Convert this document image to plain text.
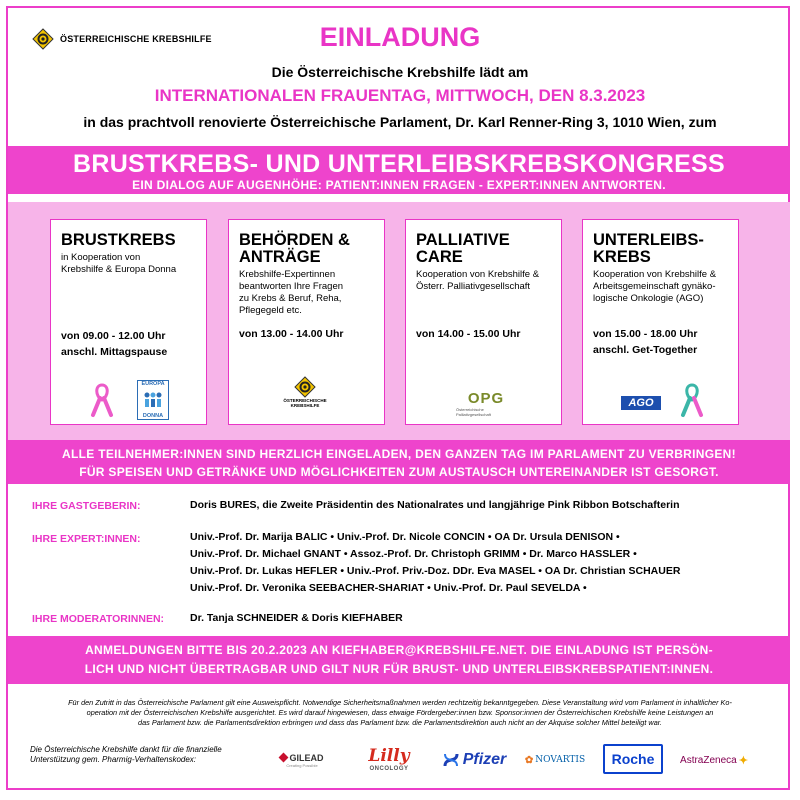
ÖSTERREICHISCHE KREBSHILFE	EINLADUNG
Die Österreichische Krebshilfe lädt am
INTERNATIONALEN FRAUENTAG, MITTWOCH, DEN 8.3.2023
in das prachtvoll renovierte Österreichische Parlament, Dr. Karl Renner-Ring 3, 1010 Wien, zum
BRUSTKREBS- UND UNTERLEIBSKREBSKONGRESS
EIN DIALOG AUF AUGENHÖHE: PATIENT:INNEN FRAGEN - EXPERT:INNEN ANTWORTEN.
BRUSTKREBS
in Kooperation von
Krebshilfe & Europa Donna
von 09.00 - 12.00 Uhr
anschl. Mittagspause
EUROPA
DONNA
BEHÖRDEN &
ANTRÄGE
Krebshilfe-Expertinnen
beantworten Ihre Fragen
zu Krebs & Beruf, Reha,
Pflegegeld etc.
von 13.00 - 14.00 Uhr
ÖSTERREICHISCHE
KREBSHILFE
PALLIATIVE
CARE
Kooperation von Krebshilfe &
Österr. Palliativgesellschaft
von 14.00 - 15.00 Uhr
OPG
Österreichische Palliativgesellschaft
UNTERLEIBS-
KREBS
Kooperation von Krebshilfe &
Arbeitsgemeinschaft gynäko-
logische Onkologie (AGO)
von 15.00 - 18.00 Uhr
anschl. Get-Together
AGO
ALLE TEILNEHMER:INNEN SIND HERZLICH EINGELADEN, DEN GANZEN TAG IM PARLAMENT ZU VERBRINGEN!
FÜR SPEISEN UND GETRÄNKE UND MÖGLICHKEITEN ZUM AUSTAUSCH UNTEREINANDER IST GESORGT.
IHRE GASTGEBERIN:	Doris BURES, die Zweite Präsidentin des Nationalrates und langjährige Pink Ribbon Botschafterin
IHRE EXPERT:INNEN:	Univ.-Prof. Dr. Marija BALIC • Univ.-Prof. Dr. Nicole CONCIN • OA Dr. Ursula DENISON •
Univ.-Prof. Dr. Michael GNANT • Assoz.-Prof. Dr. Christoph GRIMM • Dr. Marco HASSLER •
Univ.-Prof. Dr. Lukas HEFLER • Univ.-Prof. Priv.-Doz. DDr. Eva MASEL • OA Dr. Christian SCHAUER
Univ.-Prof. Dr. Veronika SEEBACHER-SHARIAT • Univ.-Prof. Dr. Paul SEVELDA •
IHRE MODERATORINNEN: Dr. Tanja SCHNEIDER & Doris KIEFHABER
ANMELDUNGEN BITTE BIS 20.2.2023 AN KIEFHABER@KREBSHILFE.NET. DIE EINLADUNG IST PERSÖN-
LICH UND NICHT ÜBERTRAGBAR UND GILT NUR FÜR BRUST- UND UNTERLEIBSKREBSPATIENT:INNEN.
Für den Zutritt in das Österreichische Parlament gilt eine Ausweispflicht. Notwendige Sicherheitsmaßnahmen werden rechtzeitig bekanntgegeben. Diese Veranstaltung wird vom Parlament in inhaltlicher Ko-
operation mit der Österreichischen Krebshilfe ausgerichtet. Es wird darauf hingewiesen, dass etwaige Fördergeber:innen bzw. Sponsor:innen der Österreichischen Krebshilfe keine Leistungen an
das Parlament bzw. die Parlamentsdirektion erbringen und dass das Parlament bzw. die Parlamentsdirektion auch nicht an der Akquise solcher Mittel beteiligt war.
Die Österreichische Krebshilfe dankt für die finanzielle
Unterstützung gem. Pharmig-Verhaltenskodex:	GILEAD
Creating Possible	Lilly
ONCOLOGY
Pfizer ✿ NOVARTIS Roche	AstraZeneca ✦
